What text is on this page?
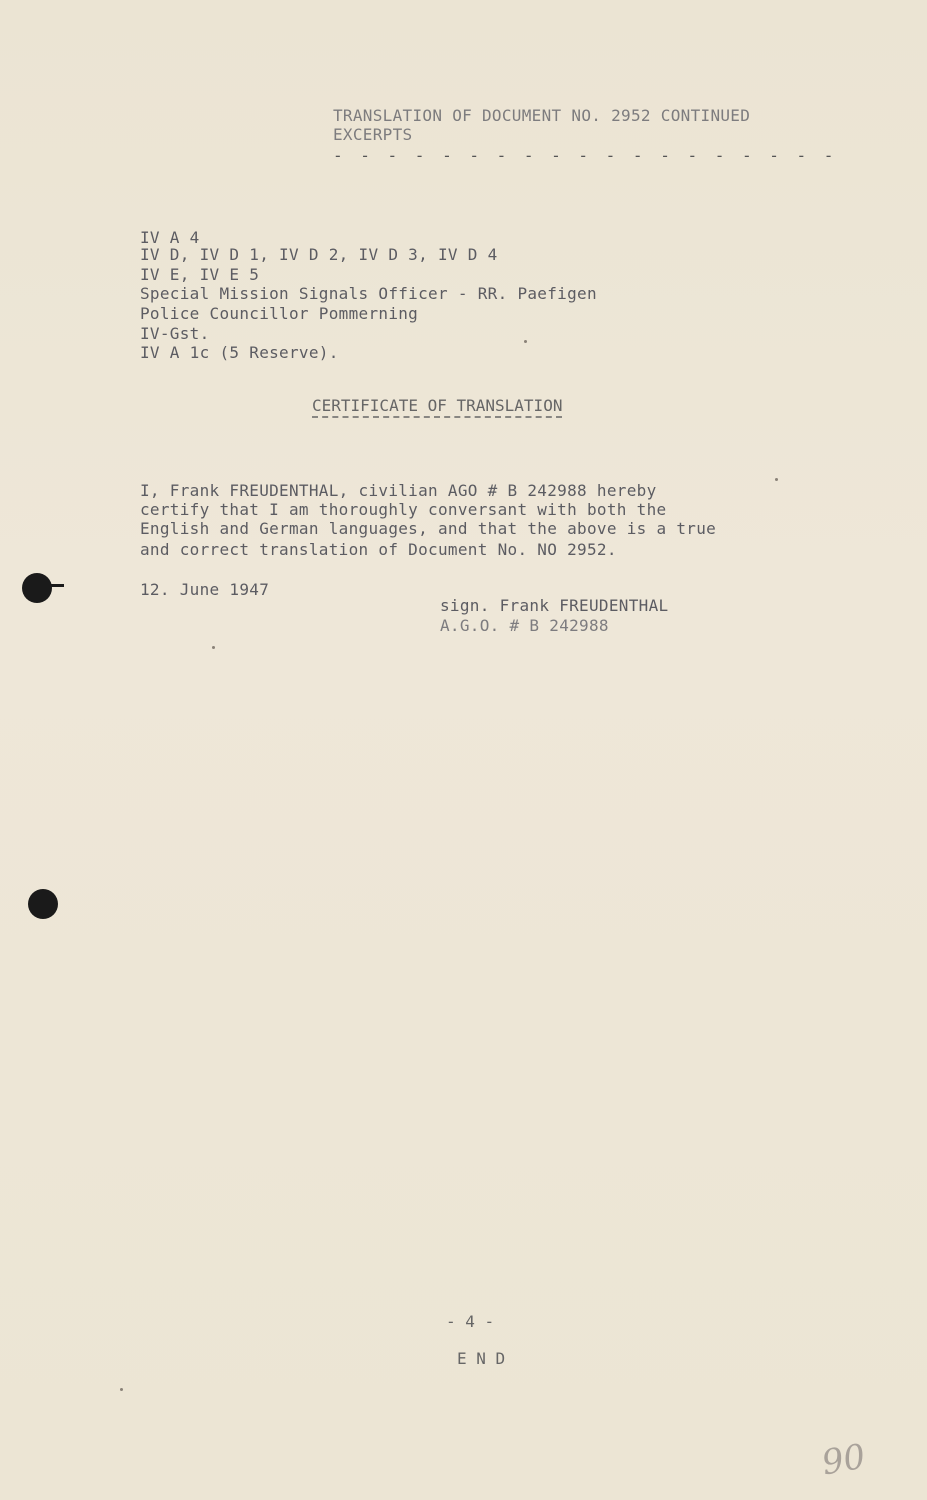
TRANSLATION OF DOCUMENT NO. 2952 CONTINUED
EXCERPTS
- - - - - - - - - - - - - - - - - - -
IV A 4
IV D, IV D 1, IV D 2, IV D 3, IV D 4
IV E, IV E 5
Special Mission Signals Officer - RR. Paefigen
Police Councillor Pommerning
IV-Gst.
IV A 1c (5 Reserve).
CERTIFICATE OF TRANSLATION
I, Frank FREUDENTHAL, civilian AGO # B 242988 hereby
certify that I am thoroughly conversant with both the
English and German languages, and that the above is a true
and correct translation of Document No. NO 2952.
12. June 1947
sign. Frank FREUDENTHAL
A.G.O. # B 242988
- 4 -
E N D
90
